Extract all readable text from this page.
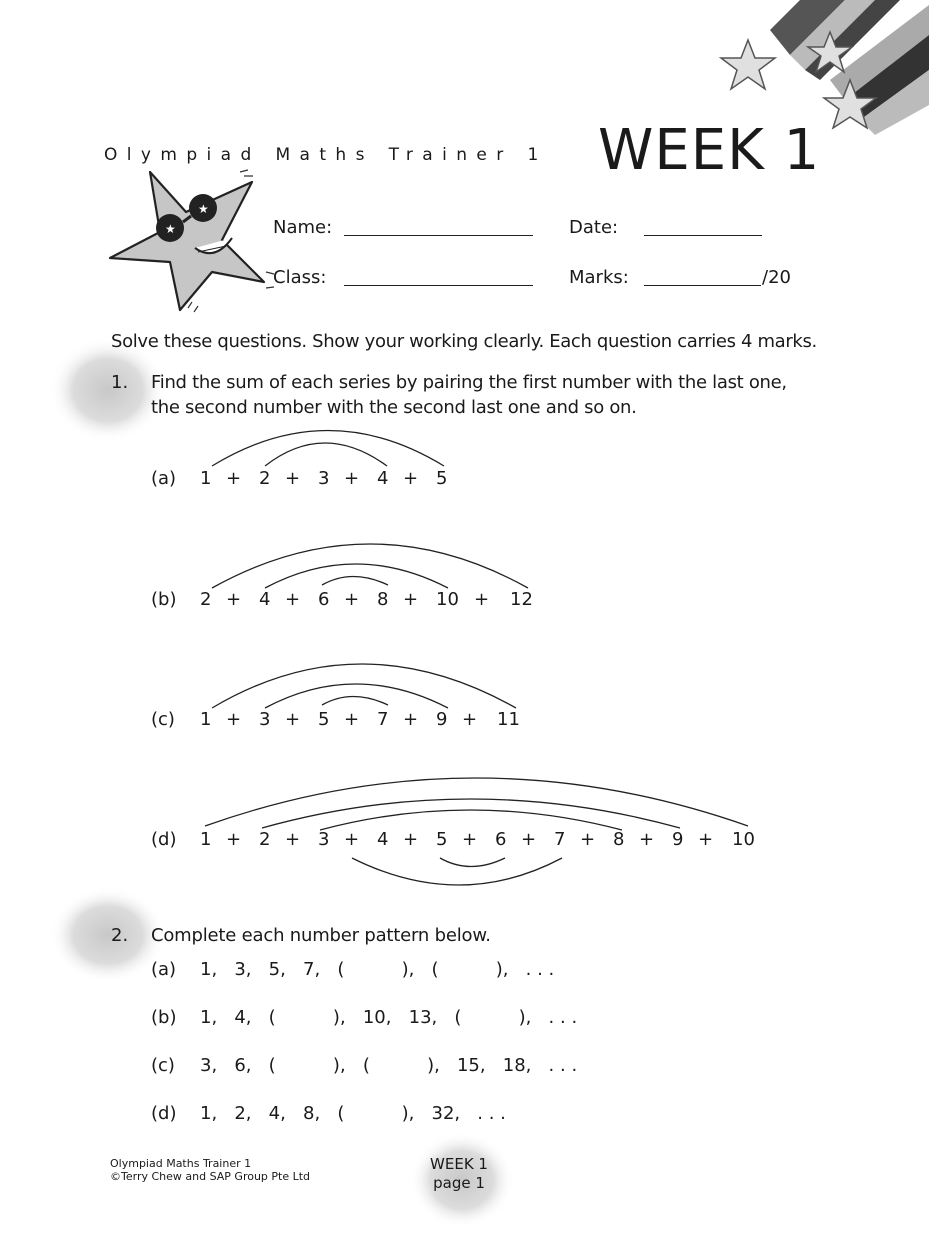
★
★
Olympiad Maths Trainer 1 WEEK 1
Name:	Date:
Class:	Marks:	/20
Solve these questions. Show your working clearly. Each question carries 4 marks.
1. Find the sum of each series by pairing the first number with the last one,
the second number with the second last one and so on.
(a) 1 + 2 + 3 + 4 + 5
(b) 2 + 4 + 6 + 8 + 10 + 12
(c) 1 + 3 + 5 + 7 + 9 + 11
(d) 1 + 2 + 3 + 4 + 5 + 6 + 7 + 8 + 9 + 10
2. Complete each number pattern below.
(a) 1,   3,   5,   7,   (          ),   (          ),   . . .
(b) 1,   4,   (          ),   10,   13,   (          ),   . . .
(c) 3,   6,   (          ),   (          ),   15,   18,   . . .
(d) 1,   2,   4,   8,   (          ),   32,   . . .
Olympiad Maths Trainer 1
©Terry Chew and SAP Group Pte Ltd
WEEK 1
page 1
